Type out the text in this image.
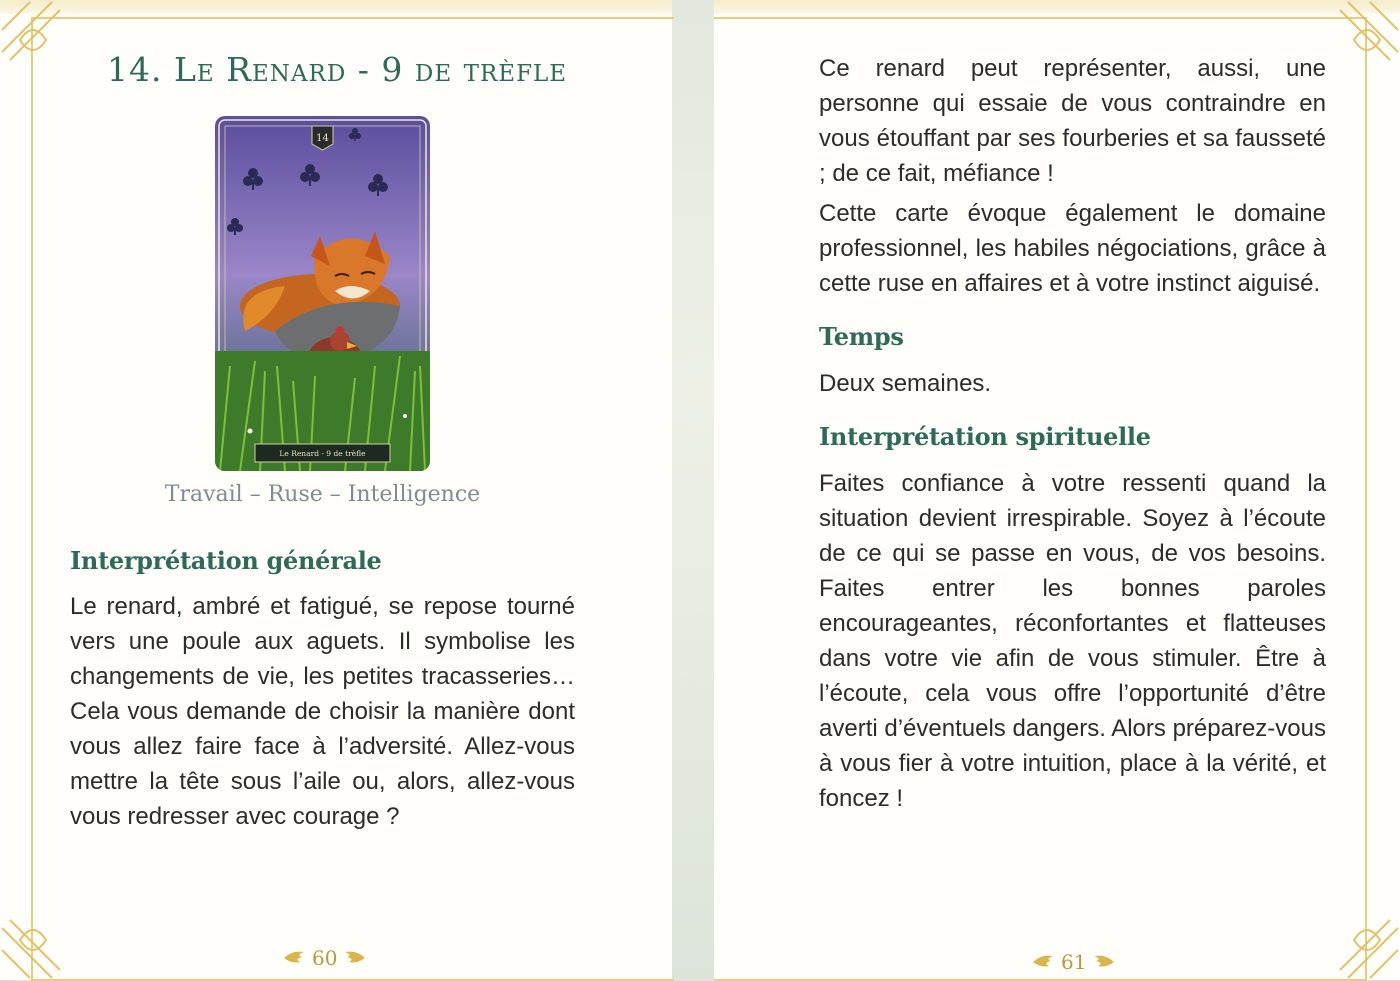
14. Le Renard - 9 de trèfle
14
Le Renard - 9 de trèfle

Travail – Ruse – Intelligence

Interprétation générale

Le renard, ambré et fatigué, se repose tourné vers une poule aux aguets. Il symbolise les changements de vie, les petites tracasseries… Cela vous demande de choisir la manière dont vous allez faire face à l’adversité. Allez-vous mettre la tête sous l’aile ou, alors, allez-vous vous redresser avec courage ?

60

Ce renard peut représenter, aussi, une personne qui essaie de vous contraindre en vous étouffant par ses fourberies et sa fausseté ; de ce fait, méfiance !

Cette carte évoque également le domaine professionnel, les habiles négociations, grâce à cette ruse en affaires et à votre instinct aiguisé.

Temps

Deux semaines.

Interprétation spirituelle

Faites confiance à votre ressenti quand la situation devient irrespirable. Soyez à l’écoute de ce qui se passe en vous, de vos besoins. Faites entrer les bonnes paroles encourageantes, réconfortantes et flatteuses dans votre vie afin de vous stimuler. Être à l’écoute, cela vous offre l’opportunité d’être averti d’éventuels dangers. Alors préparez-vous à vous fier à votre intuition, place à la vérité, et foncez !

61
